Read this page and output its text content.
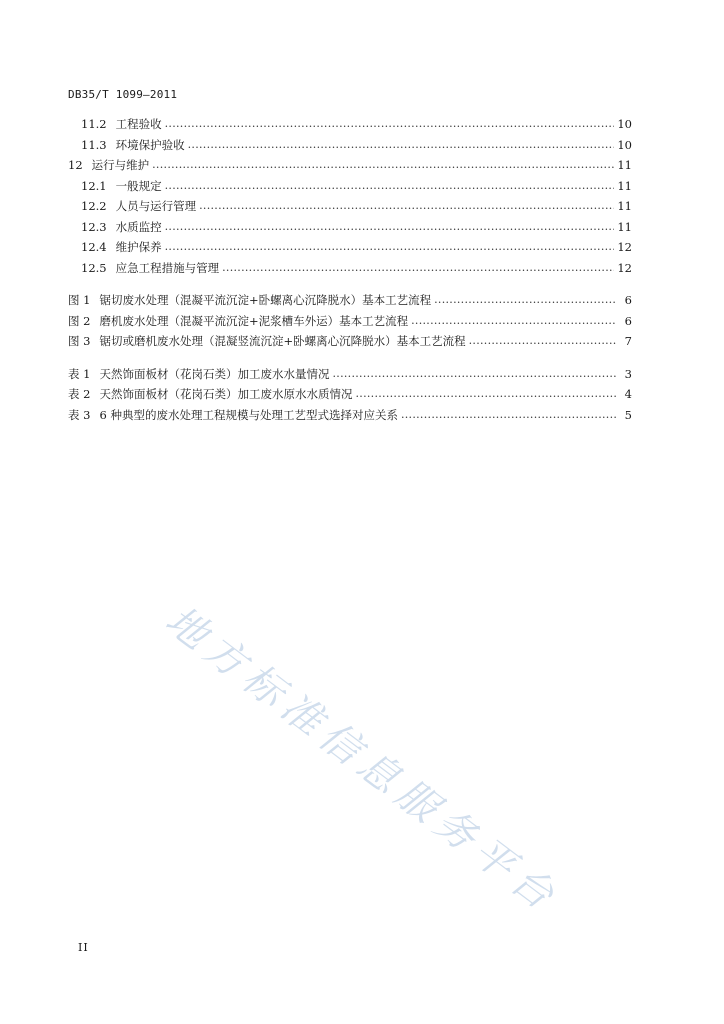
DB35/T 1099—2011
11.2 工程验收 . . .	10
11.3 环境保护验收 . . .	10
12 运行与维护 . . .	11
12.1 一般规定 . . .	11
12.2 人员与运行管理 . . .	11
12.3 水质监控 . . .	11
12.4 维护保养 . . .	12
12.5 应急工程措施与管理 . . .	12
图 1 锯切废水处理（混凝平流沉淀+卧螺离心沉降脱水）基本工艺流程 . . .	6
图 2 磨机废水处理（混凝平流沉淀+泥浆槽车外运）基本工艺流程 . . .	6
图 3 锯切或磨机废水处理（混凝竖流沉淀+卧螺离心沉降脱水）基本工艺流程 . . .	7
表 1 天然饰面板材（花岗石类）加工废水水量情况 . . .	3
表 2 天然饰面板材（花岗石类）加工废水原水水质情况 . . .	4
表 3 6 种典型的废水处理工程规模与处理工艺型式选择对应关系 . . .	5
地方标准信息服务平台
II
